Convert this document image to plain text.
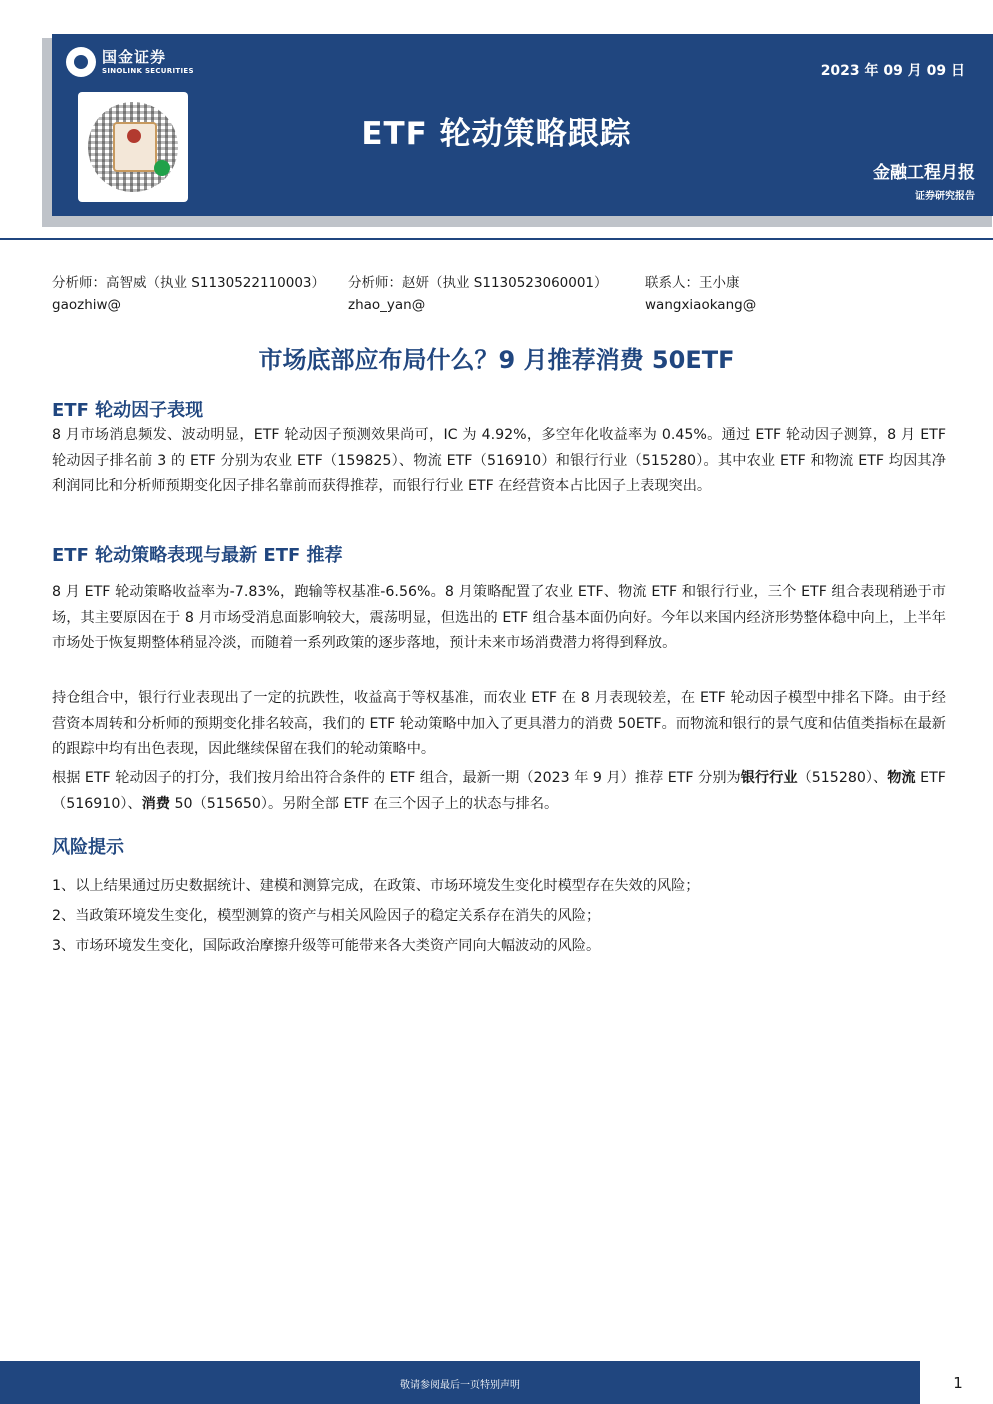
国金证券
SINOLINK SECURITIES	2023 年 09 月 09 日
ETF 轮动策略跟踪
金融工程月报
证券研究报告
分析师：高智威（执业 S1130522110003）
gaozhiw@
分析师：赵妍（执业 S1130523060001）
zhao_yan@
联系人：王小康
wangxiaokang@
市场底部应布局什么？9 月推荐消费 50ETF
ETF 轮动因子表现
8 月市场消息频发、波动明显，ETF 轮动因子预测效果尚可，IC 为 4.92%，多空年化收益率为 0.45%。通过 ETF 轮动因子测算，8 月 ETF 轮动因子排名前 3 的 ETF 分别为农业 ETF（159825）、物流 ETF（516910）和银行行业（515280）。其中农业 ETF 和物流 ETF 均因其净利润同比和分析师预期变化因子排名靠前而获得推荐，而银行行业 ETF 在经营资本占比因子上表现突出。
ETF 轮动策略表现与最新 ETF 推荐
8 月 ETF 轮动策略收益率为-7.83%，跑输等权基准-6.56%。8 月策略配置了农业 ETF、物流 ETF 和银行行业，三个 ETF 组合表现稍逊于市场，其主要原因在于 8 月市场受消息面影响较大，震荡明显，但选出的 ETF 组合基本面仍向好。今年以来国内经济形势整体稳中向上，上半年市场处于恢复期整体稍显冷淡，而随着一系列政策的逐步落地，预计未来市场消费潜力将得到释放。
持仓组合中，银行行业表现出了一定的抗跌性，收益高于等权基准，而农业 ETF 在 8 月表现较差，在 ETF 轮动因子模型中排名下降。由于经营资本周转和分析师的预期变化排名较高，我们的 ETF 轮动策略中加入了更具潜力的消费 50ETF。而物流和银行的景气度和估值类指标在最新的跟踪中均有出色表现，因此继续保留在我们的轮动策略中。
根据 ETF 轮动因子的打分，我们按月给出符合条件的 ETF 组合，最新一期（2023 年 9 月）推荐 ETF 分别为银行行业（515280）、物流 ETF（516910）、消费 50（515650）。另附全部 ETF 在三个因子上的状态与排名。
风险提示
1、以上结果通过历史数据统计、建模和测算完成，在政策、市场环境发生变化时模型存在失效的风险；
2、当政策环境发生变化，模型测算的资产与相关风险因子的稳定关系存在消失的风险；
3、市场环境发生变化，国际政治摩擦升级等可能带来各大类资产同向大幅波动的风险。
敬请参阅最后一页特别声明	1
